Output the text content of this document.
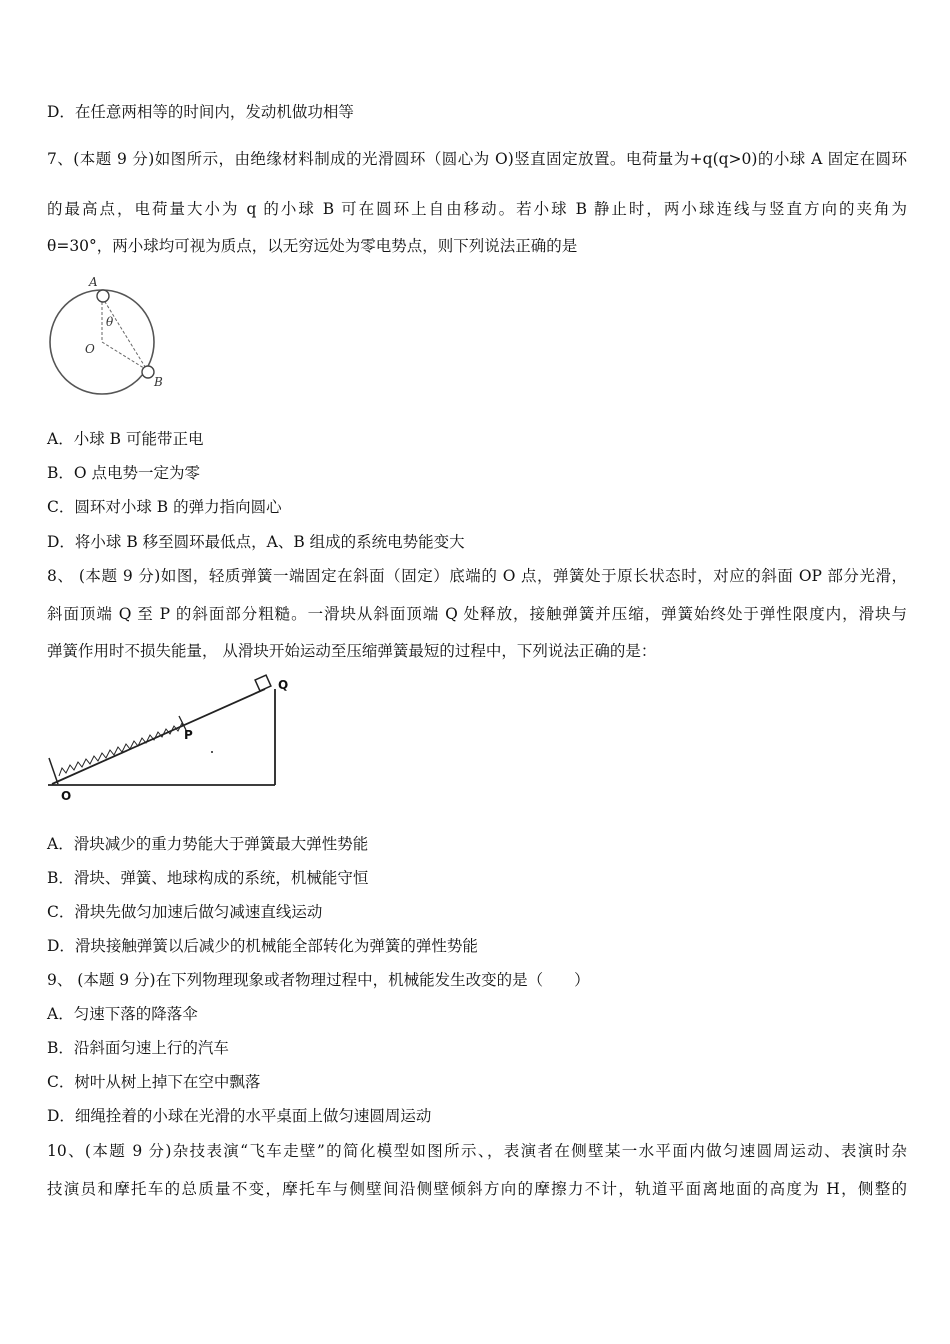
D．在任意两相等的时间内，发动机做功相等
7、(本题 9 分)如图所示，由绝缘材料制成的光滑圆环（圆心为 O)竖直固定放置。电荷量为+q(q>0)的小球 A 固定在圆环
的最高点，电荷量大小为 q 的小球 B 可在圆环上自由移动。若小球 B 静止时，两小球连线与竖直方向的夹角为
θ=30°，两小球均可视为质点，以无穷远处为零电势点，则下列说法正确的是
A
O
B
θ
A．小球 B 可能带正电
B．O 点电势一定为零
C．圆环对小球 B 的弹力指向圆心
D．将小球 B 移至圆环最低点，A、B 组成的系统电势能变大
8、 (本题 9 分)如图，轻质弹簧一端固定在斜面（固定）底端的 O 点，弹簧处于原长状态时，对应的斜面 OP 部分光滑，
斜面顶端 Q 至 P 的斜面部分粗糙。一滑块从斜面顶端 Q 处释放，接触弹簧并压缩，弹簧始终处于弹性限度内，滑块与
弹簧作用时不损失能量， 从滑块开始运动至压缩弹簧最短的过程中，下列说法正确的是：
O
P
Q
A．滑块减少的重力势能大于弹簧最大弹性势能
B．滑块、弹簧、地球构成的系统，机械能守恒
C．滑块先做匀加速后做匀减速直线运动
D．滑块接触弹簧以后减少的机械能全部转化为弹簧的弹性势能
9、 (本题 9 分)在下列物理现象或者物理过程中，机械能发生改变的是（　　）
A．匀速下落的降落伞
B．沿斜面匀速上行的汽车
C．树叶从树上掉下在空中飘落
D．细绳拴着的小球在光滑的水平桌面上做匀速圆周运动
10、(本题 9 分)杂技表演“飞车走壁”的简化模型如图所示、，表演者在侧壁某一水平面内做匀速圆周运动、表演时杂
技演员和摩托车的总质量不变，摩托车与侧壁间沿侧壁倾斜方向的摩擦力不计，轨道平面离地面的高度为 H，侧整的
